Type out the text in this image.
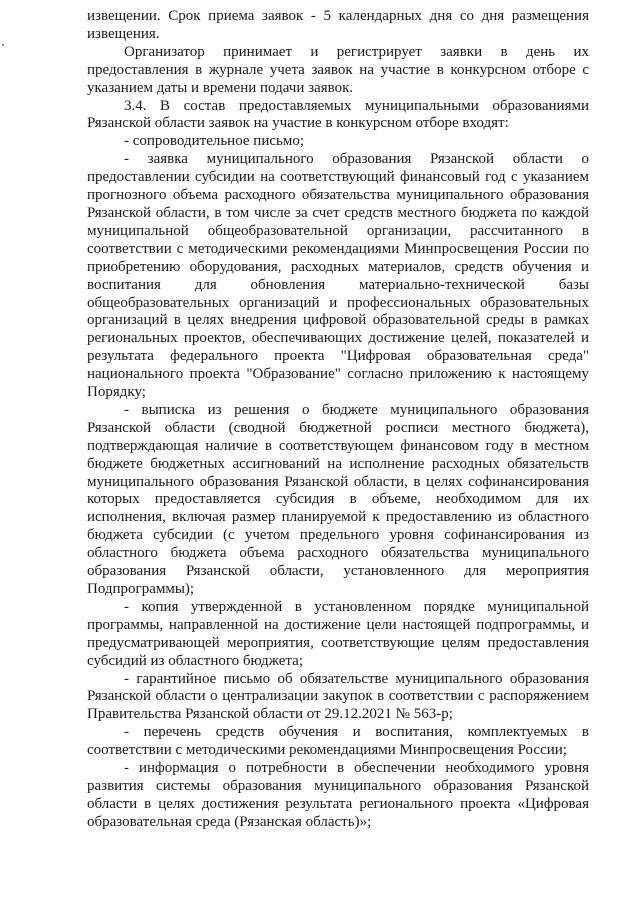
извещении. Срок приема заявок - 5 календарных дня со дня размещения извещения.

Организатор принимает и регистрирует заявки в день их предоставления в журнале учета заявок на участие в конкурсном отборе с указанием даты и времени подачи заявок.

3.4. В состав предоставляемых муниципальными образованиями Рязанской области заявок на участие в конкурсном отборе входят:

- сопроводительное письмо;

- заявка муниципального образования Рязанской области о предоставлении субсидии на соответствующий финансовый год с указанием прогнозного объема расходного обязательства муниципального образования Рязанской области, в том числе за счет средств местного бюджета по каждой муниципальной общеобразовательной организации, рассчитанного в соответствии с методическими рекомендациями Минпросвещения России по приобретению оборудования, расходных материалов, средств обучения и воспитания для обновления материально-технической базы общеобразовательных организаций и профессиональных образовательных организаций в целях внедрения цифровой образовательной среды в рамках региональных проектов, обеспечивающих достижение целей, показателей и результата федерального проекта "Цифровая образовательная среда" национального проекта "Образование" согласно приложению к настоящему Порядку;

- выписка из решения о бюджете муниципального образования Рязанской области (сводной бюджетной росписи местного бюджета), подтверждающая наличие в соответствующем финансовом году в местном бюджете бюджетных ассигнований на исполнение расходных обязательств муниципального образования Рязанской области, в целях софинансирования которых предоставляется субсидия в объеме, необходимом для их исполнения, включая размер планируемой к предоставлению из областного бюджета субсидии (с учетом предельного уровня софинансирования из областного бюджета объема расходного обязательства муниципального образования Рязанской области, установленного для мероприятия Подпрограммы);

- копия утвержденной в установленном порядке муниципальной программы, направленной на достижение цели настоящей подпрограммы, и предусматривающей мероприятия, соответствующие целям предоставления субсидий из областного бюджета;

- гарантийное письмо об обязательстве муниципального образования Рязанской области о централизации закупок в соответствии с распоряжением Правительства Рязанской области от 29.12.2021 № 563-р;

- перечень средств обучения и воспитания, комплектуемых в соответствии с методическими рекомендациями Минпросвещения России;

- информация о потребности в обеспечении необходимого уровня развития системы образования муниципального образования Рязанской области в целях достижения результата регионального проекта «Цифровая образовательная среда (Рязанская область)»;
